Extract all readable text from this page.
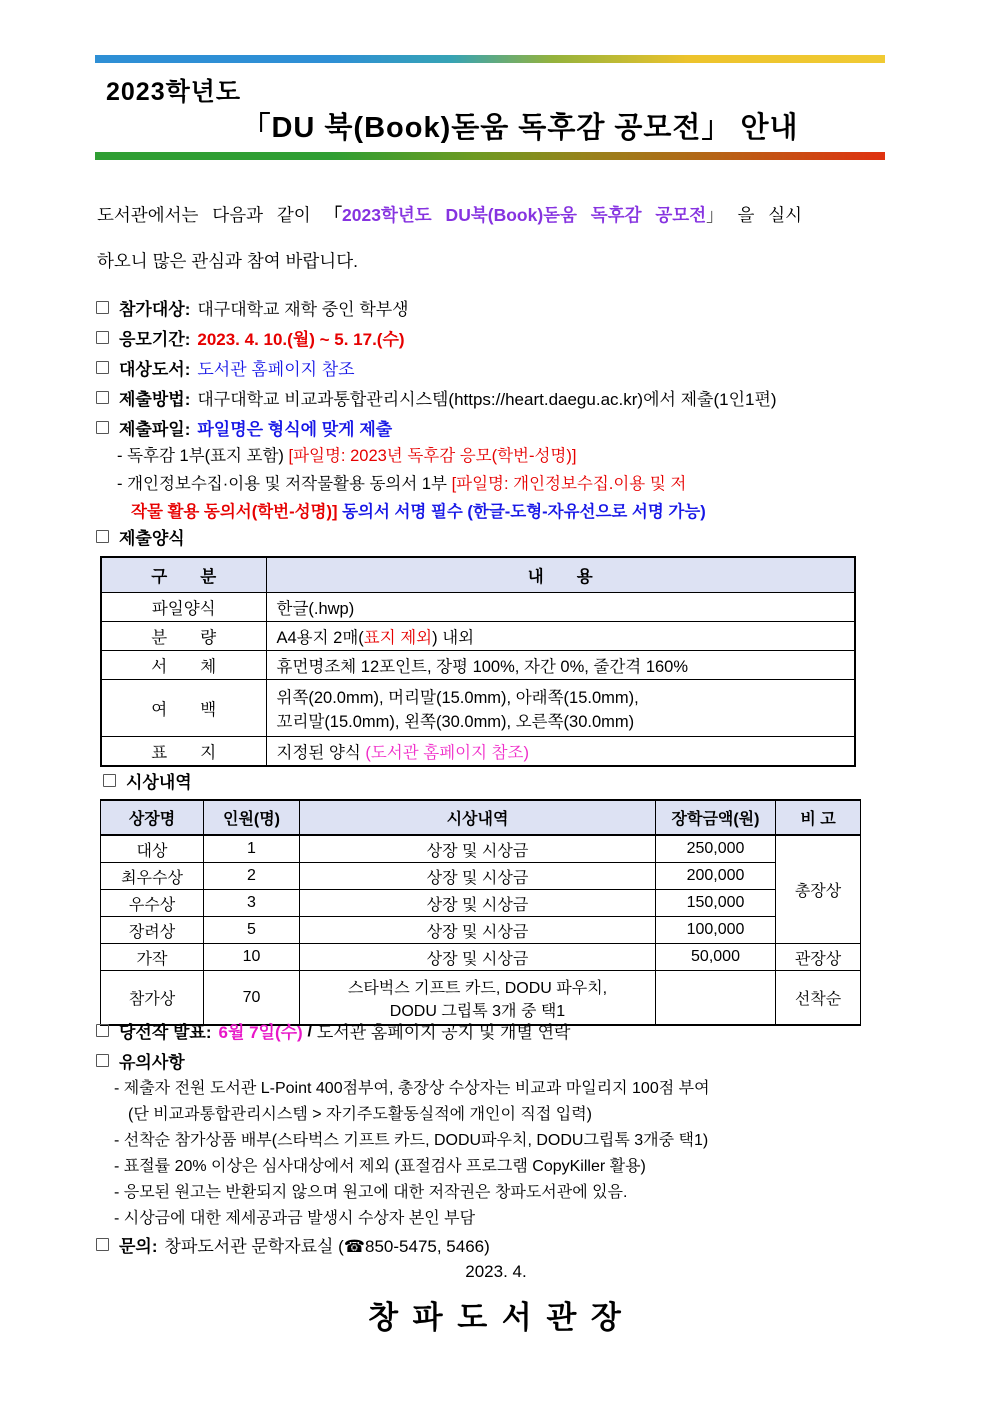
2023학년도
「DU 북(Book)돋움 독후감 공모전」 안내
도서관에서는 다음과 같이 「2023학년도 DU북(Book)돋움 독후감 공모전」 을 실시
하오니 많은 관심과 참여 바랍니다.
참가대상: 대구대학교 재학 중인 학부생
응모기간: 2023. 4. 10.(월) ~ 5. 17.(수)
대상도서: 도서관 홈페이지 참조
제출방법: 대구대학교 비교과통합관리시스템(https://heart.daegu.ac.kr)에서 제출(1인1편)
제출파일: 파일명은 형식에 맞게 제출
- 독후감 1부(표지 포함) [파일명: 2023년 독후감 응모(학번-성명)]
- 개인정보수집·이용 및 저작물활용 동의서 1부 [파일명: 개인정보수집.이용 및 저
작물 활용 동의서(학번-성명)] 동의서 서명 필수 (한글-도형-자유선으로 서명 가능)
제출양식
구　　분	내　　용
파일양식	한글(.hwp)
분　　량	A4용지 2매(표지 제외) 내외
서　　체	휴먼명조체 12포인트, 장평 100%, 자간 0%, 줄간격 160%
여　　백	위쪽(20.0mm), 머리말(15.0mm), 아래쪽(15.0mm),
꼬리말(15.0mm), 왼쪽(30.0mm), 오른쪽(30.0mm)

표　　지	지정된 양식 (도서관 홈페이지 참조)
시상내역
상장명	인원(명)	시상내역	장학금액(원)	비 고
대상	1	상장 및 시상금	250,000	총장상
최우수상	2	상장 및 시상금	200,000	
우수상	3	상장 및 시상금	150,000	
장려상	5	상장 및 시상금	100,000	
가작	10	상장 및 시상금	50,000	관장상
참가상	70	스타벅스 기프트 카드, DODU 파우치,
DODU 그립톡 3개 중 택1		선착순
당선작 발표: 6월 7일(수) / 도서관 홈페이지 공지 및 개별 연락
유의사항
- 제출자 전원 도서관 L-Point 400점부여, 총장상 수상자는 비교과 마일리지 100점 부여
(단 비교과통합관리시스템 > 자기주도활동실적에 개인이 직접 입력)
- 선착순 참가상품 배부(스타벅스 기프트 카드, DODU파우치, DODU그립톡 3개중 택1)
- 표절률 20% 이상은 심사대상에서 제외 (표절검사 프로그램 CopyKiller 활용)
- 응모된 원고는 반환되지 않으며 원고에 대한 저작권은 창파도서관에 있음.
- 시상금에 대한 제세공과금 발생시 수상자 본인 부담
문의: 창파도서관 문학자료실 (☎850-5475, 5466)
2023. 4.
창 파 도 서 관 장
